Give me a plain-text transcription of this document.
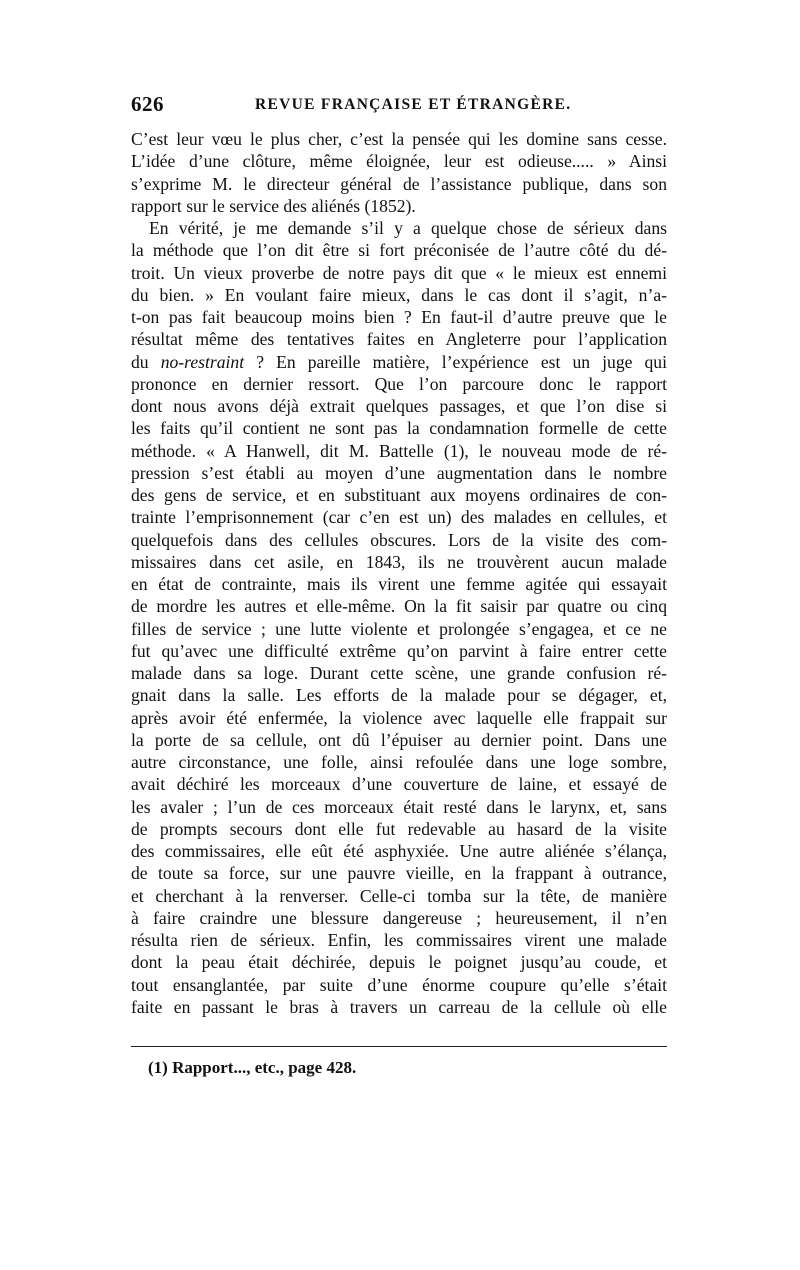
626	REVUE FRANÇAISE ET ÉTRANGÈRE.
C’est leur vœu le plus cher, c’est la pensée qui les domine sans cesse.
L’idée d’une clôture, même éloignée, leur est odieuse..... » Ainsi
s’exprime M. le directeur général de l’assistance publique, dans son
rapport sur le service des aliénés (1852).
En vérité, je me demande s’il y a quelque chose de sérieux dans
la méthode que l’on dit être si fort préconisée de l’autre côté du dé-
troit. Un vieux proverbe de notre pays dit que « le mieux est ennemi
du bien. » En voulant faire mieux, dans le cas dont il s’agit, n’a-
t-on pas fait beaucoup moins bien ? En faut-il d’autre preuve que le
résultat même des tentatives faites en Angleterre pour l’application
du no-restraint ? En pareille matière, l’expérience est un juge qui
prononce en dernier ressort. Que l’on parcoure donc le rapport
dont nous avons déjà extrait quelques passages, et que l’on dise si
les faits qu’il contient ne sont pas la condamnation formelle de cette
méthode. « A Hanwell, dit M. Battelle (1), le nouveau mode de ré-
pression s’est établi au moyen d’une augmentation dans le nombre
des gens de service, et en substituant aux moyens ordinaires de con-
trainte l’emprisonnement (car c’en est un) des malades en cellules, et
quelquefois dans des cellules obscures. Lors de la visite des com-
missaires dans cet asile, en 1843, ils ne trouvèrent aucun malade
en état de contrainte, mais ils virent une femme agitée qui essayait
de mordre les autres et elle-même. On la fit saisir par quatre ou cinq
filles de service ; une lutte violente et prolongée s’engagea, et ce ne
fut qu’avec une difficulté extrême qu’on parvint à faire entrer cette
malade dans sa loge. Durant cette scène, une grande confusion ré-
gnait dans la salle. Les efforts de la malade pour se dégager, et,
après avoir été enfermée, la violence avec laquelle elle frappait sur
la porte de sa cellule, ont dû l’épuiser au dernier point. Dans une
autre circonstance, une folle, ainsi refoulée dans une loge sombre,
avait déchiré les morceaux d’une couverture de laine, et essayé de
les avaler ; l’un de ces morceaux était resté dans le larynx, et, sans
de prompts secours dont elle fut redevable au hasard de la visite
des commissaires, elle eût été asphyxiée. Une autre aliénée s’élança,
de toute sa force, sur une pauvre vieille, en la frappant à outrance,
et cherchant à la renverser. Celle-ci tomba sur la tête, de manière
à faire craindre une blessure dangereuse ; heureusement, il n’en
résulta rien de sérieux. Enfin, les commissaires virent une malade
dont la peau était déchirée, depuis le poignet jusqu’au coude, et
tout ensanglantée, par suite d’une énorme coupure qu’elle s’était
faite en passant le bras à travers un carreau de la cellule où elle
(1) Rapport..., etc., page 428.
